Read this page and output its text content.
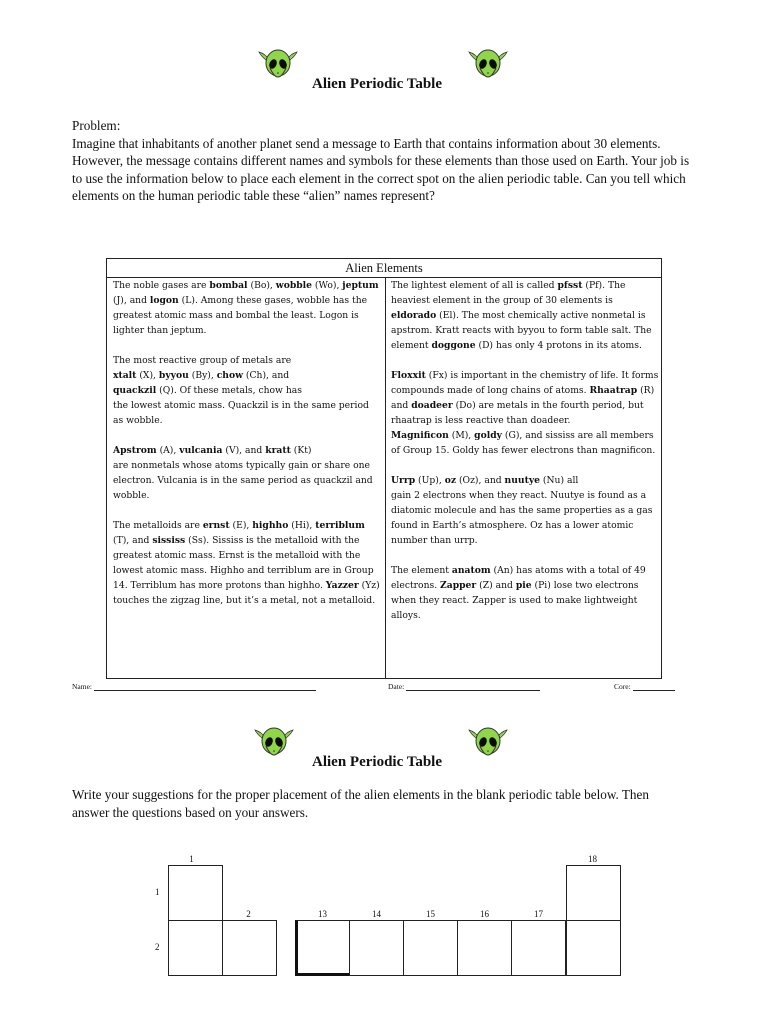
Alien Periodic Table

Problem:

Imagine that inhabitants of another planet send a message to Earth that contains information about 30 elements. However, the message contains different names and symbols for these elements than those used on Earth. Your job is to use the information below to place each element in the correct spot on the alien periodic table. Can you tell which elements on the human periodic table these “alien” names represent?

Alien Elements

The noble gases are bombal (Bo), wobble (Wo), jeptum (J), and logon (L). Among these gases, wobble has the greatest atomic mass and bombal the least. Logon is lighter than jeptum.

The most reactive group of metals are
xtalt (X), byyou (By), chow (Ch), and
quackzil (Q). Of these metals, chow has
the lowest atomic mass. Quackzil is in the same period as wobble.

Apstrom (A), vulcania (V), and kratt (Kt)
are nonmetals whose atoms typically gain or share one electron. Vulcania is in the same period as quackzil and wobble.

The metalloids are ernst (E), highho (Hi), terriblum (T), and sississ (Ss). Sississ is the metalloid with the greatest atomic mass. Ernst is the metalloid with the lowest atomic mass. Highho and terriblum are in Group 14. Terriblum has more protons than highho. Yazzer (Yz) touches the zigzag line, but it’s a metal, not a metalloid.

The lightest element of all is called pfsst (Pf). The heaviest element in the group of 30 elements is eldorado (El). The most chemically active nonmetal is apstrom. Kratt reacts with byyou to form table salt. The element doggone (D) has only 4 protons in its atoms.

Floxxit (Fx) is important in the chemistry of life. It forms compounds made of long chains of atoms. Rhaatrap (R) and doadeer (Do) are metals in the fourth period, but
rhaatrap is less reactive than doadeer.
Magnificon (M), goldy (G), and sississ are all members of Group 15. Goldy has fewer electrons than magnificon.

Urrp (Up), oz (Oz), and nuutye (Nu) all
gain 2 electrons when they react. Nuutye is found as a diatomic molecule and has the same properties as a gas found in Earth’s atmosphere. Oz has a lower atomic number than urrp.

The element anatom (An) has atoms with a total of 49 electrons. Zapper (Z) and pie (Pi) lose two electrons when they react. Zapper is used to make lightweight alloys.

Name:	Date:	Core:
Alien Periodic Table
Write your suggestions for the proper placement of the alien elements in the blank periodic table below. Then answer the questions based on your answers.
1
2	13	14	15	16	17
18
1
2
